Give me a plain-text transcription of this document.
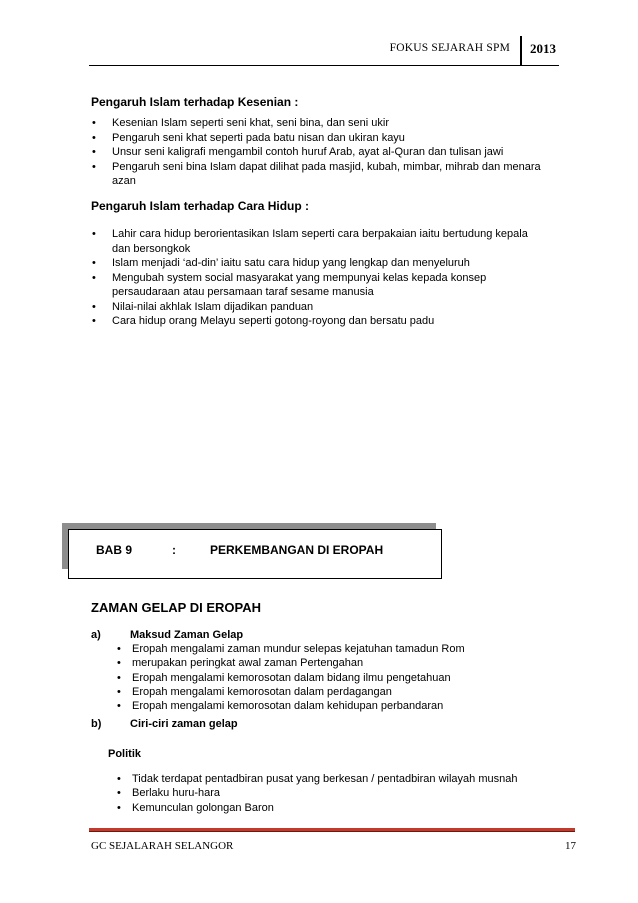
FOKUS SEJARAH SPM 2013
Pengaruh Islam terhadap Kesenian :
• Kesenian Islam seperti seni khat, seni bina, dan seni ukir
• Pengaruh seni khat seperti pada batu nisan dan ukiran kayu
• Unsur seni kaligrafi mengambil contoh huruf Arab, ayat al-Quran dan tulisan jawi
• Pengaruh seni bina Islam dapat dilihat pada masjid, kubah, mimbar, mihrab dan menara
azan
Pengaruh Islam terhadap Cara Hidup :
• Lahir cara hidup berorientasikan Islam seperti cara berpakaian iaitu bertudung kepala
dan bersongkok
• Islam menjadi ‘ad-din’ iaitu satu cara hidup yang lengkap dan menyeluruh
• Mengubah system social masyarakat yang mempunyai kelas kepada konsep
persaudaraan atau persamaan taraf sesame manusia
• Nilai-nilai akhlak Islam dijadikan panduan
• Cara hidup orang Melayu seperti gotong-royong dan bersatu padu
BAB 9	:	PERKEMBANGAN DI EROPAH
ZAMAN GELAP DI EROPAH
a)	Maksud Zaman Gelap
• Eropah mengalami zaman mundur selepas kejatuhan tamadun Rom
• merupakan peringkat awal zaman Pertengahan
• Eropah mengalami kemorosotan dalam bidang ilmu pengetahuan
• Eropah mengalami kemorosotan dalam perdagangan
• Eropah mengalami kemorosotan dalam kehidupan perbandaran
b)	Ciri-ciri zaman gelap
Politik
• Tidak terdapat pentadbiran pusat yang berkesan / pentadbiran wilayah musnah
• Berlaku huru-hara
• Kemunculan golongan Baron
GC SEJALARAH SELANGOR	17
